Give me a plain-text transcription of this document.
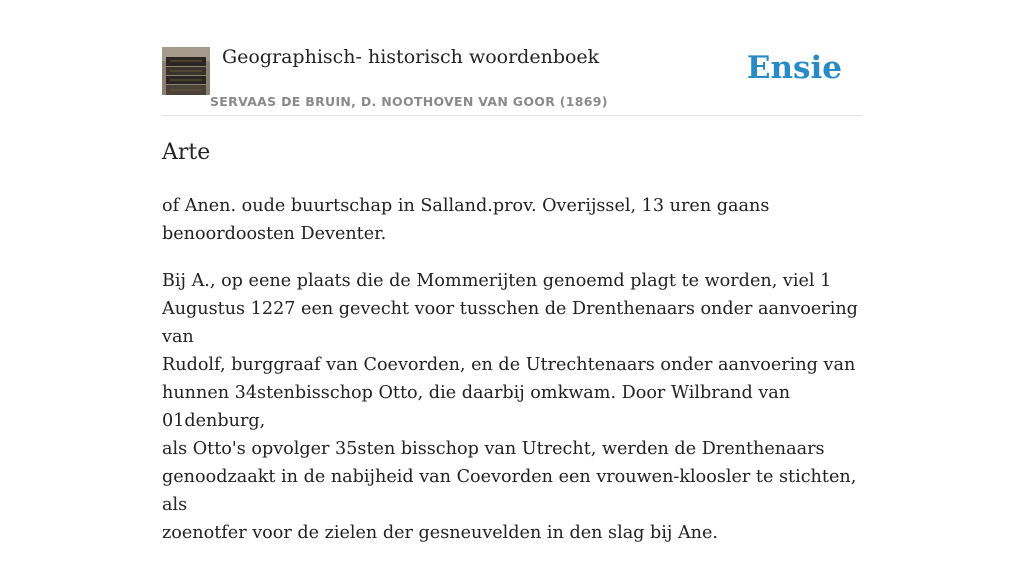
Geographisch- historisch woordenboek
SERVAAS DE BRUIN, D. NOOTHOVEN VAN GOOR (1869)
Ensie
Arte

of Anen. oude buurtschap in Salland.prov. Overijssel, 13 uren gaans
benoordoosten Deventer.

Bij A., op eene plaats die de Mommerijten genoemd plagt te worden, viel 1
Augustus 1227 een gevecht voor tusschen de Drenthenaars onder aanvoering van
Rudolf, burggraaf van Coevorden, en de Utrechtenaars onder aanvoering van
hunnen 34stenbisschop Otto, die daarbij omkwam. Door Wilbrand van 01denburg,
als Otto's opvolger 35sten bisschop van Utrecht, werden de Drenthenaars
genoodzaakt in de nabijheid van Coevorden een vrouwen-kloosler te stichten, als
zoenotfer voor de zielen der gesneuvelden in den slag bij Ane.
